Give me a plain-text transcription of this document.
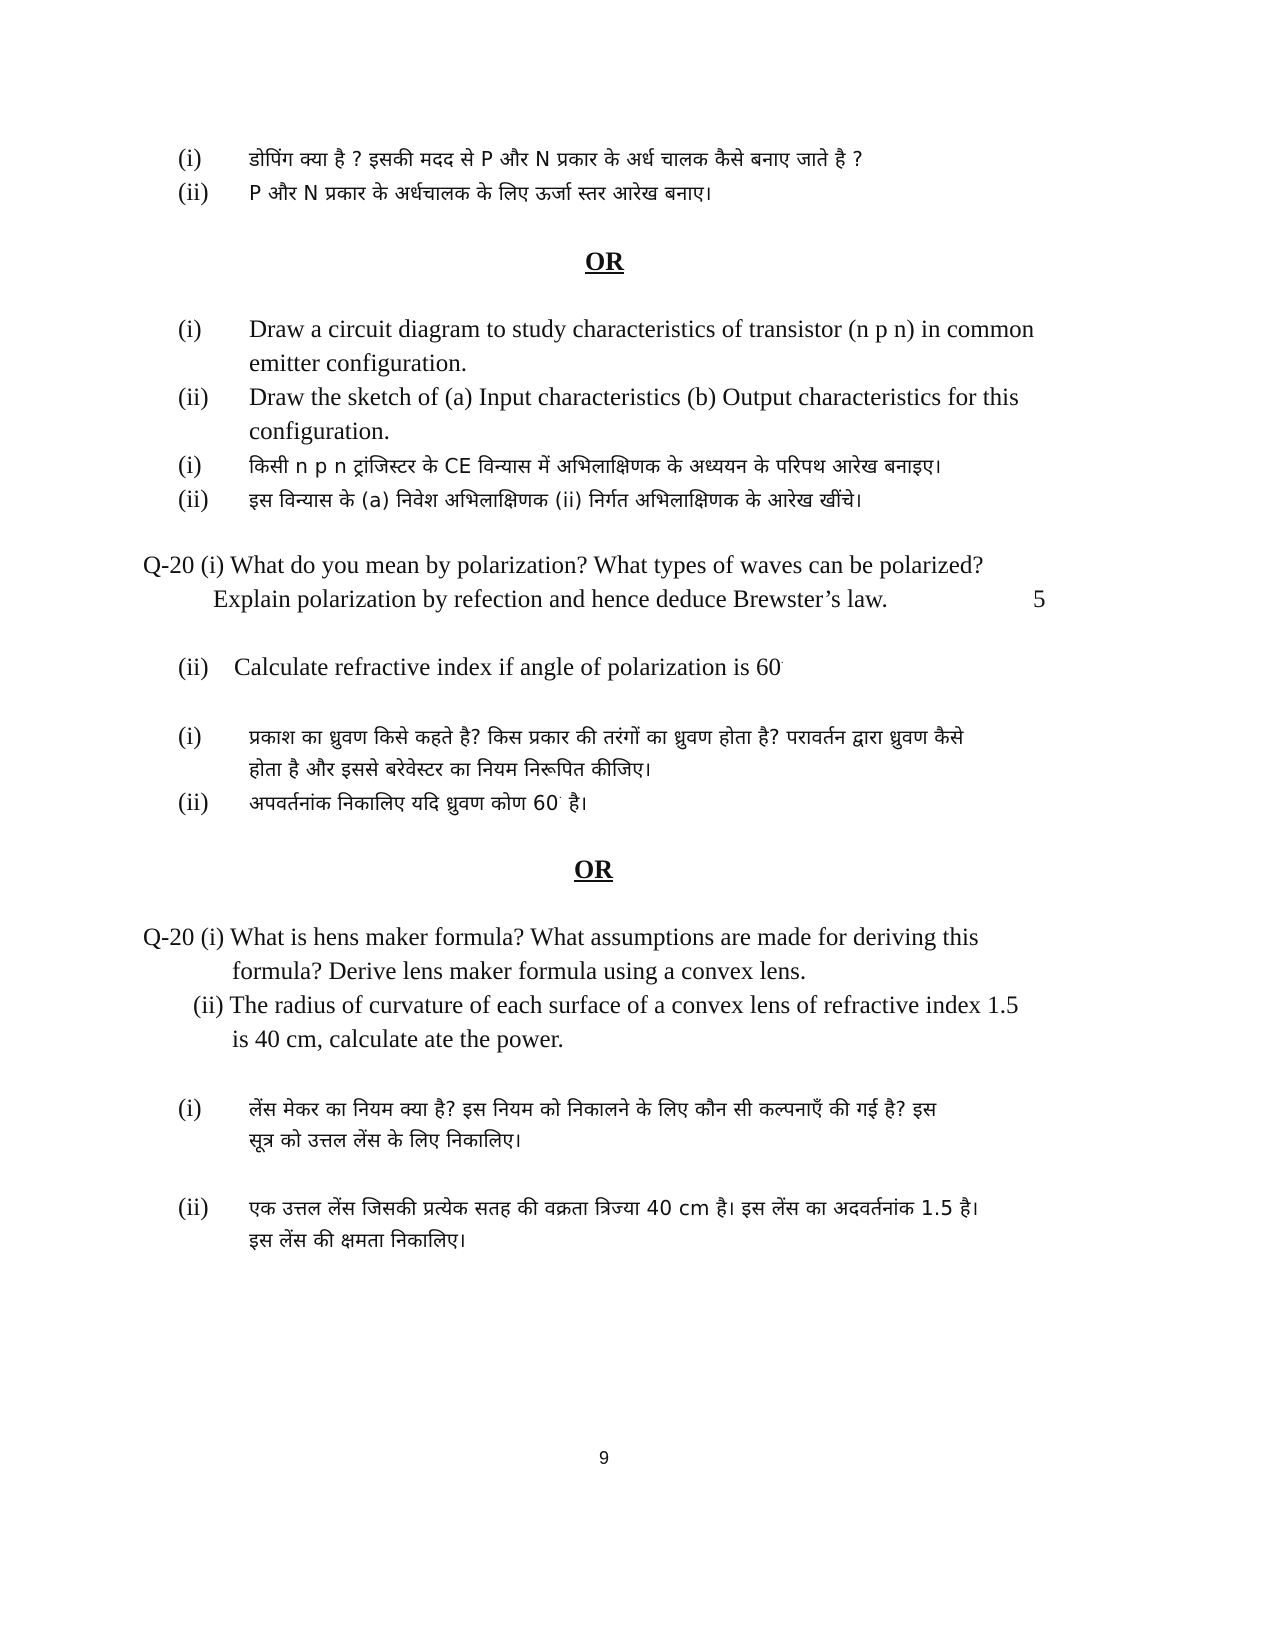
(i) डोपिंग क्या है ? इसकी मदद से P और N प्रकार के अर्ध चालक कैसे बनाए जाते है ?
(ii) P और N प्रकार के अर्धचालक के लिए ऊर्जा स्तर आरेख बनाए।
OR
(i) Draw a circuit diagram to study characteristics of transistor (n p n) in common
emitter configuration.
(ii) Draw the sketch of (a) Input characteristics (b) Output characteristics for this
configuration.
(i) किसी n p n ट्रांजिस्टर के CE विन्यास में अभिलाक्षिणक के अध्ययन के परिपथ आरेख बनाइए।
(ii) इस विन्यास के (a) निवेश अभिलाक्षिणक (ii) निर्गत अभिलाक्षिणक के आरेख खींचे।
Q-20 (i) What do you mean by polarization? What types of waves can be polarized?
Explain polarization by refection and hence deduce Brewster’s law.	5
(ii) Calculate refractive index if angle of polarization is 60.
(i) प्रकाश का ध्रुवण किसे कहते है? किस प्रकार की तरंगों का ध्रुवण होता है? परावर्तन द्वारा ध्रुवण कैसे
होता है और इससे बरेवेस्टर का नियम निरूपित कीजिए।
(ii) अपवर्तनांक निकालिए यदि ध्रुवण कोण 60. है।
OR
Q-20 (i) What is hens maker formula? What assumptions are made for deriving this
formula? Derive lens maker formula using a convex lens.
(ii) The radius of curvature of each surface of a convex lens of refractive index 1.5
is 40 cm, calculate ate the power.
(i) लेंस मेकर का नियम क्या है? इस नियम को निकालने के लिए कौन सी कल्पनाएँ की गई है? इस
सूत्र को उत्तल लेंस के लिए निकालिए।
(ii) एक उत्तल लेंस जिसकी प्रत्येक सतह की वक्रता त्रिज्या 40 cm है। इस लेंस का अदवर्तनांक 1.5 है।
इस लेंस की क्षमता निकालिए।
9
